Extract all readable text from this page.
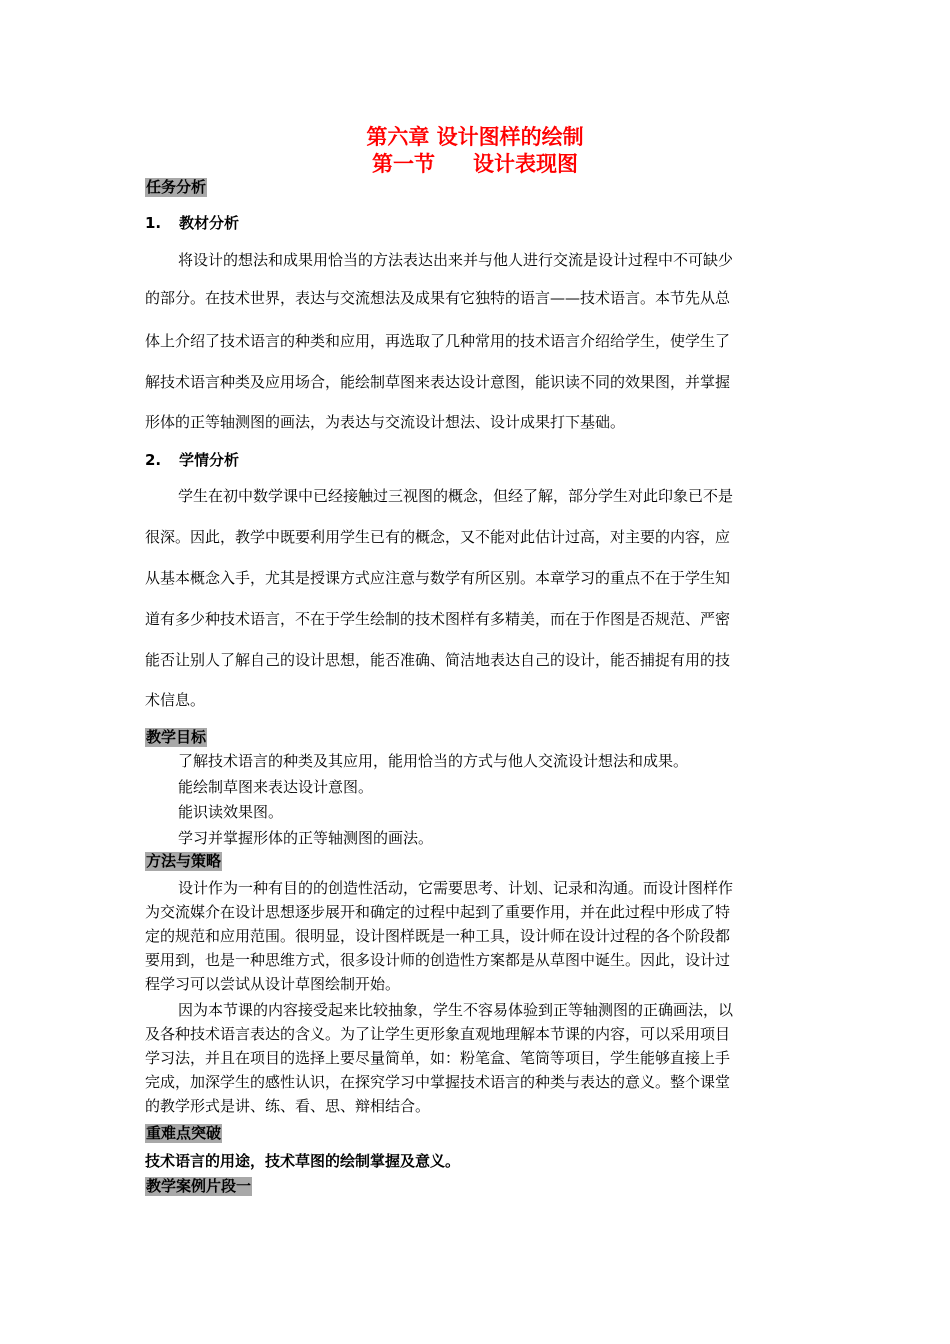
第六章 设计图样的绘制
第一节 设计表现图
任务分析
1. 教材分析
将设计的想法和成果用恰当的方法表达出来并与他人进行交流是设计过程中不可缺少
的部分。在技术世界，表达与交流想法及成果有它独特的语言——技术语言。本节先从总
体上介绍了技术语言的种类和应用，再选取了几种常用的技术语言介绍给学生，使学生了
解技术语言种类及应用场合，能绘制草图来表达设计意图，能识读不同的效果图，并掌握
形体的正等轴测图的画法，为表达与交流设计想法、设计成果打下基础。
2. 学情分析
学生在初中数学课中已经接触过三视图的概念，但经了解，部分学生对此印象已不是
很深。因此，教学中既要利用学生已有的概念，又不能对此估计过高，对主要的内容，应
从基本概念入手，尤其是授课方式应注意与数学有所区别。本章学习的重点不在于学生知
道有多少种技术语言，不在于学生绘制的技术图样有多精美，而在于作图是否规范、严密
能否让别人了解自己的设计思想，能否准确、简洁地表达自己的设计，能否捕捉有用的技
术信息。
教学目标
了解技术语言的种类及其应用，能用恰当的方式与他人交流设计想法和成果。
能绘制草图来表达设计意图。
能识读效果图。
学习并掌握形体的正等轴测图的画法。
方法与策略
设计作为一种有目的的创造性活动，它需要思考、计划、记录和沟通。而设计图样作
为交流媒介在设计思想逐步展开和确定的过程中起到了重要作用，并在此过程中形成了特
定的规范和应用范围。很明显，设计图样既是一种工具，设计师在设计过程的各个阶段都
要用到，也是一种思维方式，很多设计师的创造性方案都是从草图中诞生。因此，设计过
程学习可以尝试从设计草图绘制开始。
因为本节课的内容接受起来比较抽象，学生不容易体验到正等轴测图的正确画法，以
及各种技术语言表达的含义。为了让学生更形象直观地理解本节课的内容，可以采用项目
学习法，并且在项目的选择上要尽量简单，如：粉笔盒、笔筒等项目，学生能够直接上手
完成，加深学生的感性认识，在探究学习中掌握技术语言的种类与表达的意义。整个课堂
的教学形式是讲、练、看、思、辩相结合。
重难点突破
技术语言的用途，技术草图的绘制掌握及意义。
教学案例片段一
